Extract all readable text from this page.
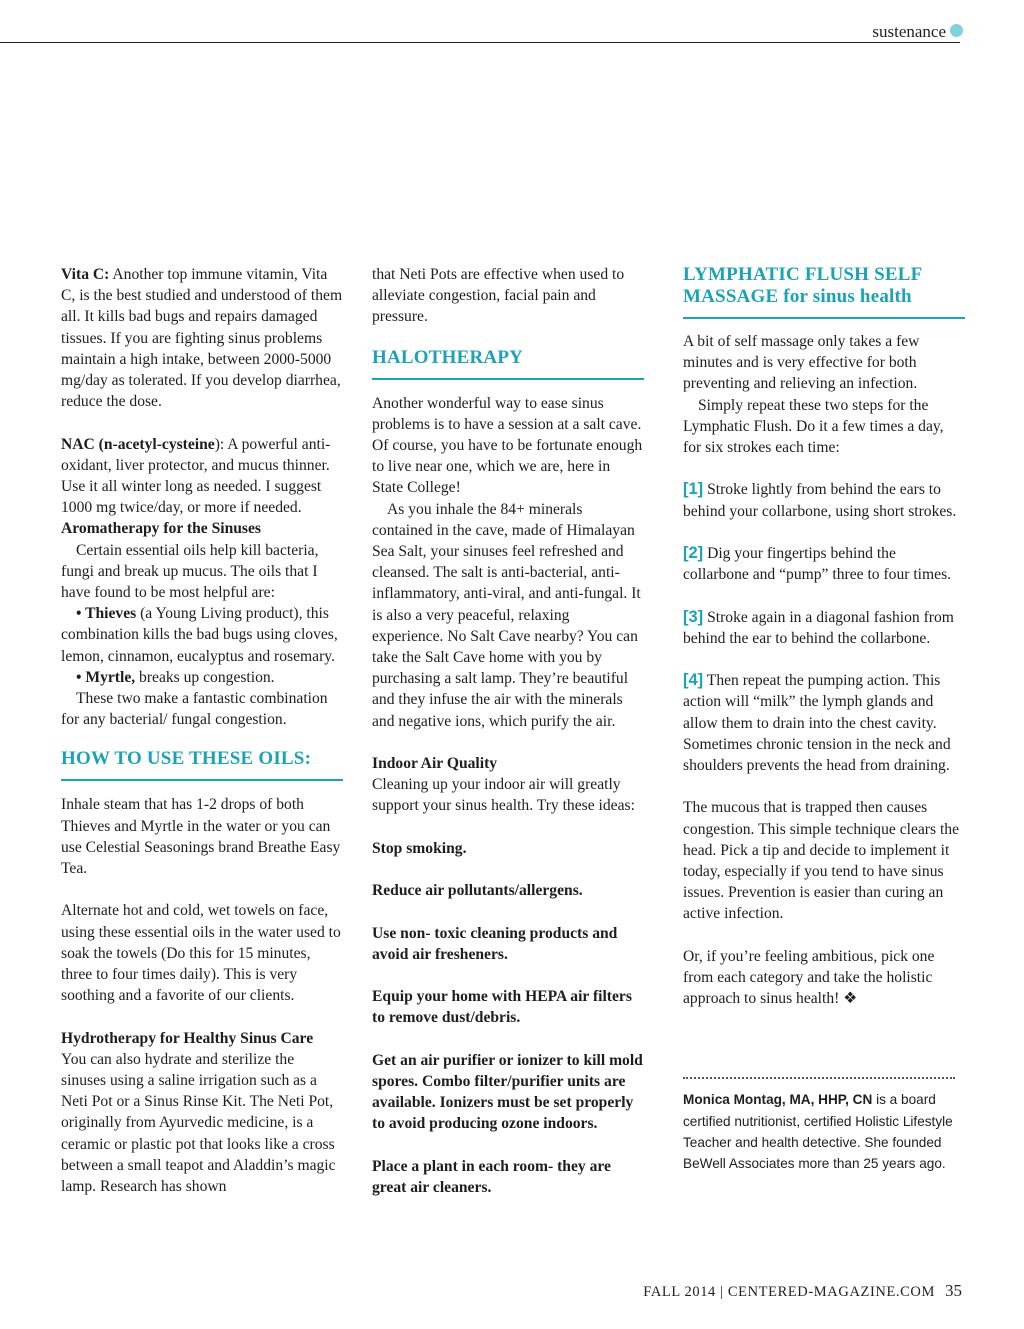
sustenance

Vita C: Another top immune vitamin, Vita C, is the best studied and understood of them all. It kills bad bugs and repairs damaged tissues. If you are fighting sinus problems maintain a high intake, between 2000-5000 mg/day as tolerated. If you develop diarrhea, reduce the dose.

NAC (n-acetyl-cysteine): A powerful anti-oxidant, liver protector, and mucus thinner. Use it all winter long as needed. I suggest 1000 mg twice/day, or more if needed.

Aromatherapy for the Sinuses

Certain essential oils help kill bacteria, fungi and break up mucus. The oils that I have found to be most helpful are:

• Thieves (a Young Living product), this combination kills the bad bugs using cloves, lemon, cinnamon, eucalyptus and rosemary.

• Myrtle, breaks up congestion.

These two make a fantastic combination for any bacterial/ fungal congestion.

HOW TO USE THESE OILS:

Inhale steam that has 1-2 drops of both Thieves and Myrtle in the water or you can use Celestial Seasonings brand Breathe Easy Tea.

Alternate hot and cold, wet towels on face, using these essential oils in the water used to soak the towels (Do this for 15 minutes, three to four times daily). This is very soothing and a favorite of our clients.

Hydrotherapy for Healthy Sinus Care

You can also hydrate and sterilize the sinuses using a saline irrigation such as a Neti Pot or a Sinus Rinse Kit. The Neti Pot, originally from Ayurvedic medicine, is a ceramic or plastic pot that looks like a cross between a small teapot and Aladdin’s magic lamp. Research has shown

that Neti Pots are effective when used to alleviate congestion, facial pain and pressure.

HALOTHERAPY

Another wonderful way to ease sinus problems is to have a session at a salt cave. Of course, you have to be fortunate enough to live near one, which we are, here in State College!

As you inhale the 84+ minerals contained in the cave, made of Himalayan Sea Salt, your sinuses feel refreshed and cleansed. The salt is anti-bacterial, anti-inflammatory, anti-viral, and anti-fungal. It is also a very peaceful, relaxing experience. No Salt Cave nearby? You can take the Salt Cave home with you by purchasing a salt lamp. They’re beautiful and they infuse the air with the minerals and negative ions, which purify the air.

Indoor Air Quality

Cleaning up your indoor air will greatly support your sinus health. Try these ideas:

Stop smoking.

Reduce air pollutants/allergens.

Use non- toxic cleaning products and avoid air fresheners.

Equip your home with HEPA air filters to remove dust/debris.

Get an air purifier or ionizer to kill mold spores. Combo filter/purifier units are available. Ionizers must be set properly to avoid producing ozone indoors.

Place a plant in each room- they are great air cleaners.

LYMPHATIC FLUSH SELF
MASSAGE for sinus health

A bit of self massage only takes a few minutes and is very effective for both preventing and relieving an infection.

Simply repeat these two steps for the Lymphatic Flush. Do it a few times a day, for six strokes each time:

[1] Stroke lightly from behind the ears to behind your collarbone, using short strokes.

[2] Dig your fingertips behind the collarbone and “pump” three to four times.

[3] Stroke again in a diagonal fashion from behind the ear to behind the collarbone.

[4] Then repeat the pumping action. This action will “milk” the lymph glands and allow them to drain into the chest cavity. Sometimes chronic tension in the neck and shoulders prevents the head from draining.

The mucous that is trapped then causes congestion. This simple technique clears the head. Pick a tip and decide to implement it today, especially if you tend to have sinus issues. Prevention is easier than curing an active infection.

Or, if you’re feeling ambitious, pick one from each category and take the holistic approach to sinus health! ❖

Monica Montag, MA, HHP, CN is a board certified nutritionist, certified Holistic Lifestyle Teacher and health detective. She founded BeWell Associates more than 25 years ago.

FALL 2014 | CENTERED-MAGAZINE.COM 35
